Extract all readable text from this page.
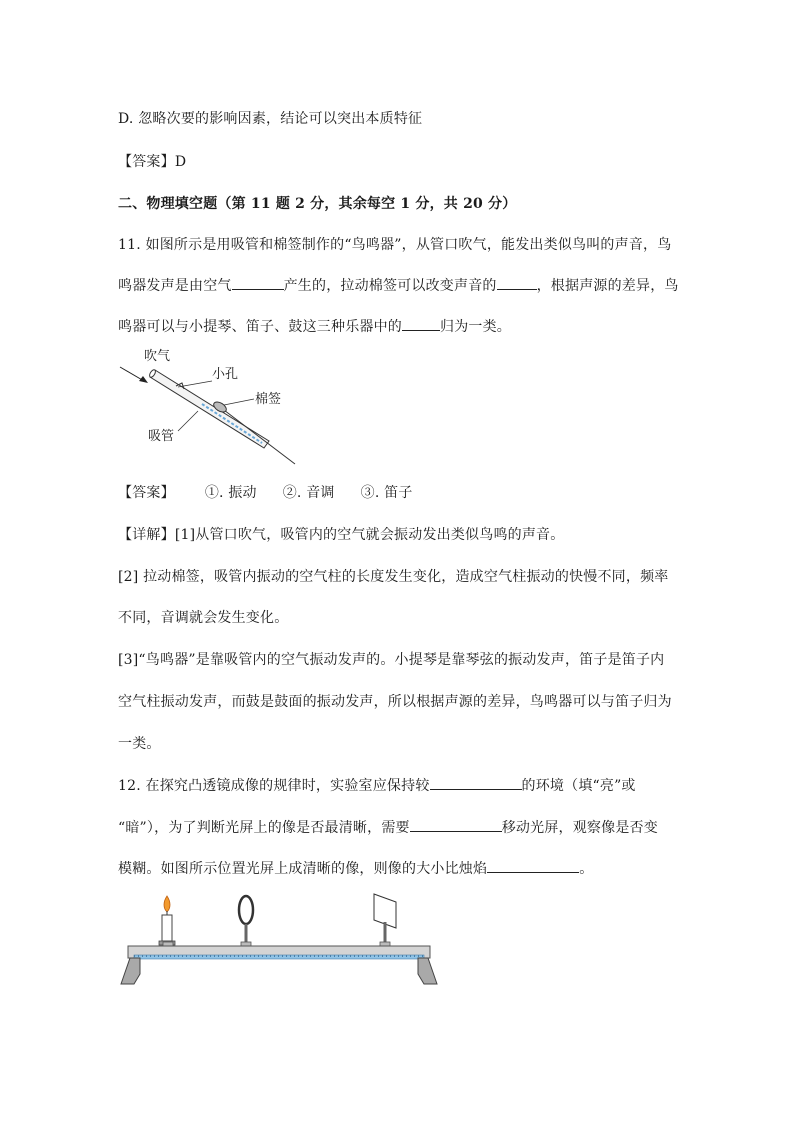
D. 忽略次要的影响因素，结论可以突出本质特征
【答案】D
二、物理填空题（第 11 题 2 分，其余每空 1 分，共 20 分）
11. 如图所示是用吸管和棉签制作的“鸟鸣器”，从管口吹气，能发出类似鸟叫的声音，鸟
鸣器发声是由空气	产生的，拉动棉签可以改变声音的	，根据声源的差异，鸟
鸣器可以与小提琴、笛子、鼓这三种乐器中的	归为一类。
吹气
小孔
棉签
吸管
【答案】 ①. 振动 ②. 音调 ③. 笛子
【详解】[1]从管口吹气，吸管内的空气就会振动发出类似鸟鸣的声音。
[2] 拉动棉签，吸管内振动的空气柱的长度发生变化，造成空气柱振动的快慢不同，频率
不同，音调就会发生变化。
[3]“鸟鸣器”是靠吸管内的空气振动发声的。小提琴是靠琴弦的振动发声，笛子是笛子内
空气柱振动发声，而鼓是鼓面的振动发声，所以根据声源的差异，鸟鸣器可以与笛子归为
一类。
12. 在探究凸透镜成像的规律时，实验室应保持较	的环境（填“亮”或
“暗”），为了判断光屏上的像是否最清晰，需要	移动光屏，观察像是否变
模糊。如图所示位置光屏上成清晰的像，则像的大小比烛焰	。
